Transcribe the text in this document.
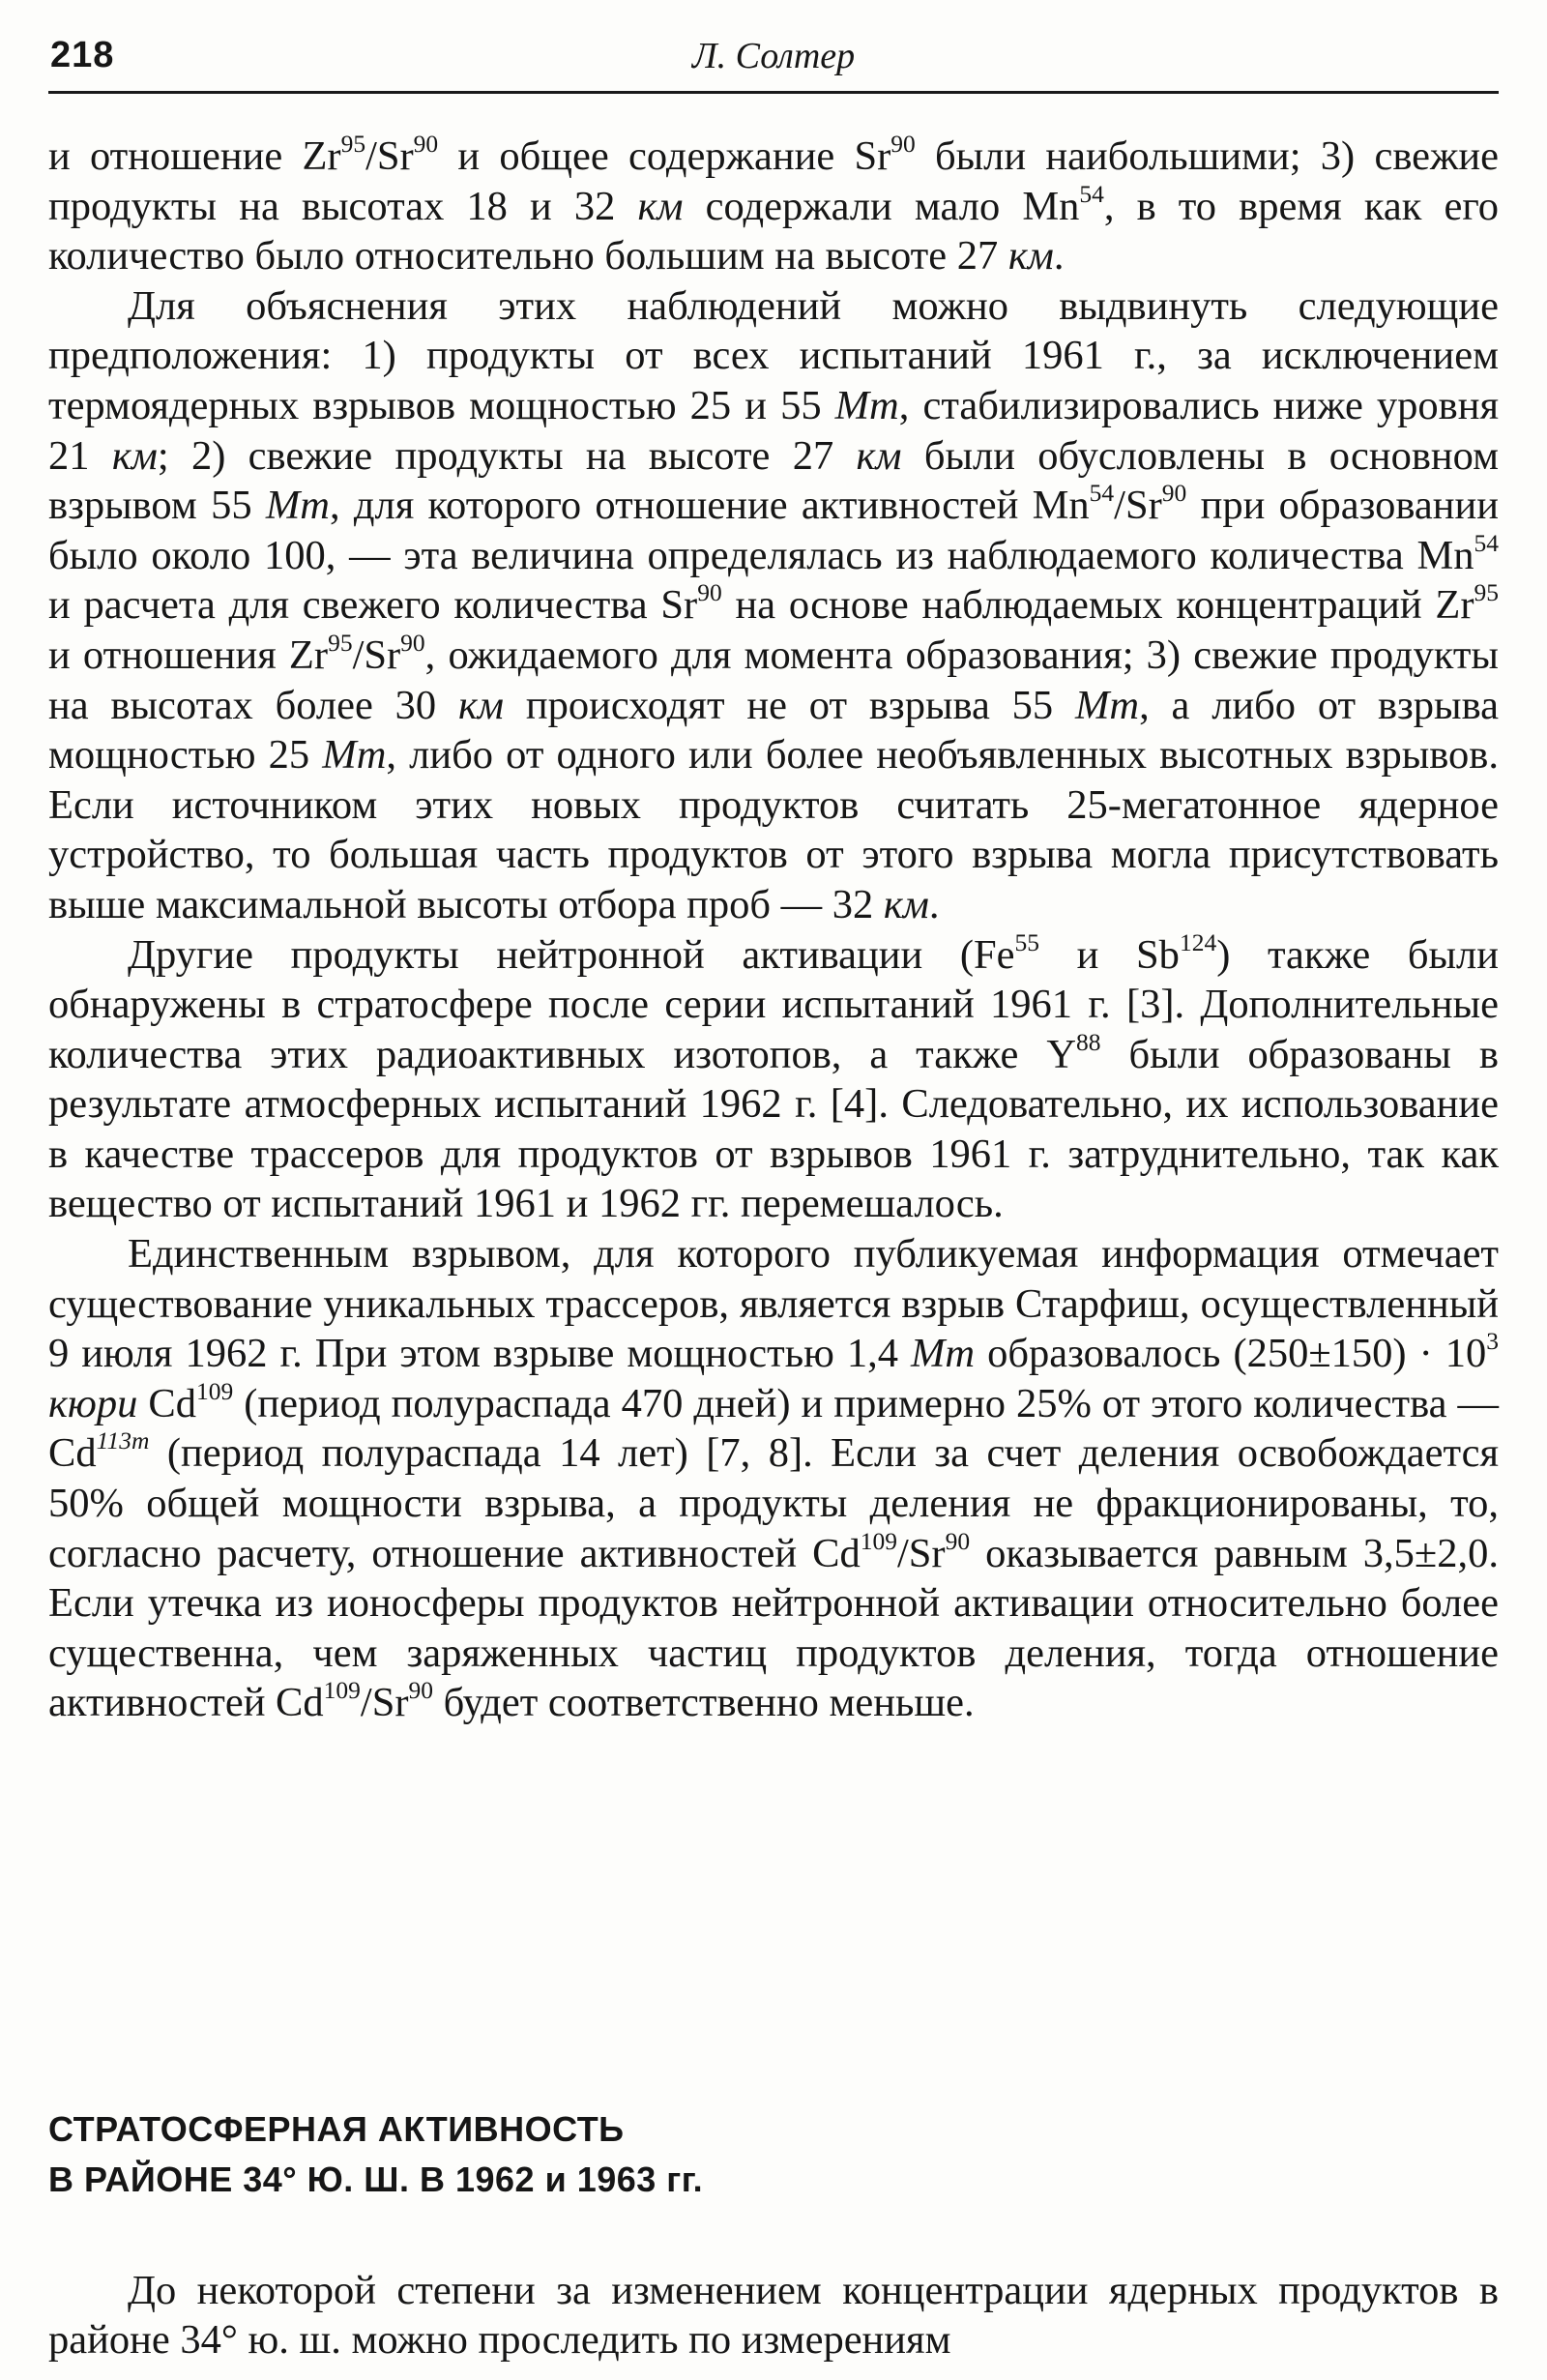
218	Л. Солтер

и отношение Zr$^{95}$/Sr$^{90}$ и общее содержание Sr$^{90}$ были наибольшими; 3) свежие продукты на высотах 18 и 32 км содержали мало Mn$^{54}$, в то время как его количество было относительно большим на высоте 27 км.

Для объяснения этих наблюдений можно выдвинуть следующие предположения: 1) продукты от всех испытаний 1961 г., за исключением термоядерных взрывов мощностью 25 и 55 Мт, стабилизировались ниже уровня 21 км; 2) свежие продукты на высоте 27 км были обусловлены в основном взрывом 55 Мт, для которого отношение активностей Mn$^{54}$/Sr$^{90}$ при образовании было около 100, — эта величина определялась из наблюдаемого количества Mn$^{54}$ и расчета для свежего количества Sr$^{90}$ на основе наблюдаемых концентраций Zr$^{95}$ и отношения Zr$^{95}$/Sr$^{90}$, ожидаемого для момента образования; 3) свежие продукты на высотах более 30 км происходят не от взрыва 55 Мт, а либо от взрыва мощностью 25 Мт, либо от одного или более необъявленных высотных взрывов. Если источником этих новых продуктов считать 25-мегатонное ядерное устройство, то большая часть продуктов от этого взрыва могла присутствовать выше максимальной высоты отбора проб — 32 км.

Другие продукты нейтронной активации (Fe$^{55}$ и Sb$^{124}$) также были обнаружены в стратосфере после серии испытаний 1961 г. [3]. Дополнительные количества этих радиоактивных изотопов, а также $Y^{88}$ были образованы в результате атмосферных испытаний 1962 г. [4]. Следовательно, их использование в качестве трассеров для продуктов от взрывов 1961 г. затруднительно, так как вещество от испытаний 1961 и 1962 гг. перемешалось.

Единственным взрывом, для которого публикуемая информация отмечает существование уникальных трассеров, является взрыв Старфиш, осуществленный 9 июля 1962 г. При этом взрыве мощностью 1,4 Мт образовалось $(250\pm 150) \cdot 10^3$ кюри Cd$^{109}$ (период полураспада 470 дней) и примерно 25% от этого количества — $Cd^{113m}$ (период полураспада 14 лет) [7, 8]. Если за счет деления освобождается 50% общей мощности взрыва, а продукты деления не фракционированы, то, согласно расчету, отношение активностей Cd$^{109}$/Sr$^{90}$ оказывается равным 3,5±2,0. Если утечка из ионосферы продуктов нейтронной активации относительно более существенна, чем заряженных частиц продуктов деления, тогда отношение активностей Cd$^{109}$/Sr$^{90}$ будет соответственно меньше.

СТРАТОСФЕРНАЯ АКТИВНОСТЬ
В РАЙОНЕ 34° Ю. Ш. В 1962 и 1963 гг.

До некоторой степени за изменением концентрации ядерных продуктов в районе 34° ю. ш. можно проследить по измерениям
